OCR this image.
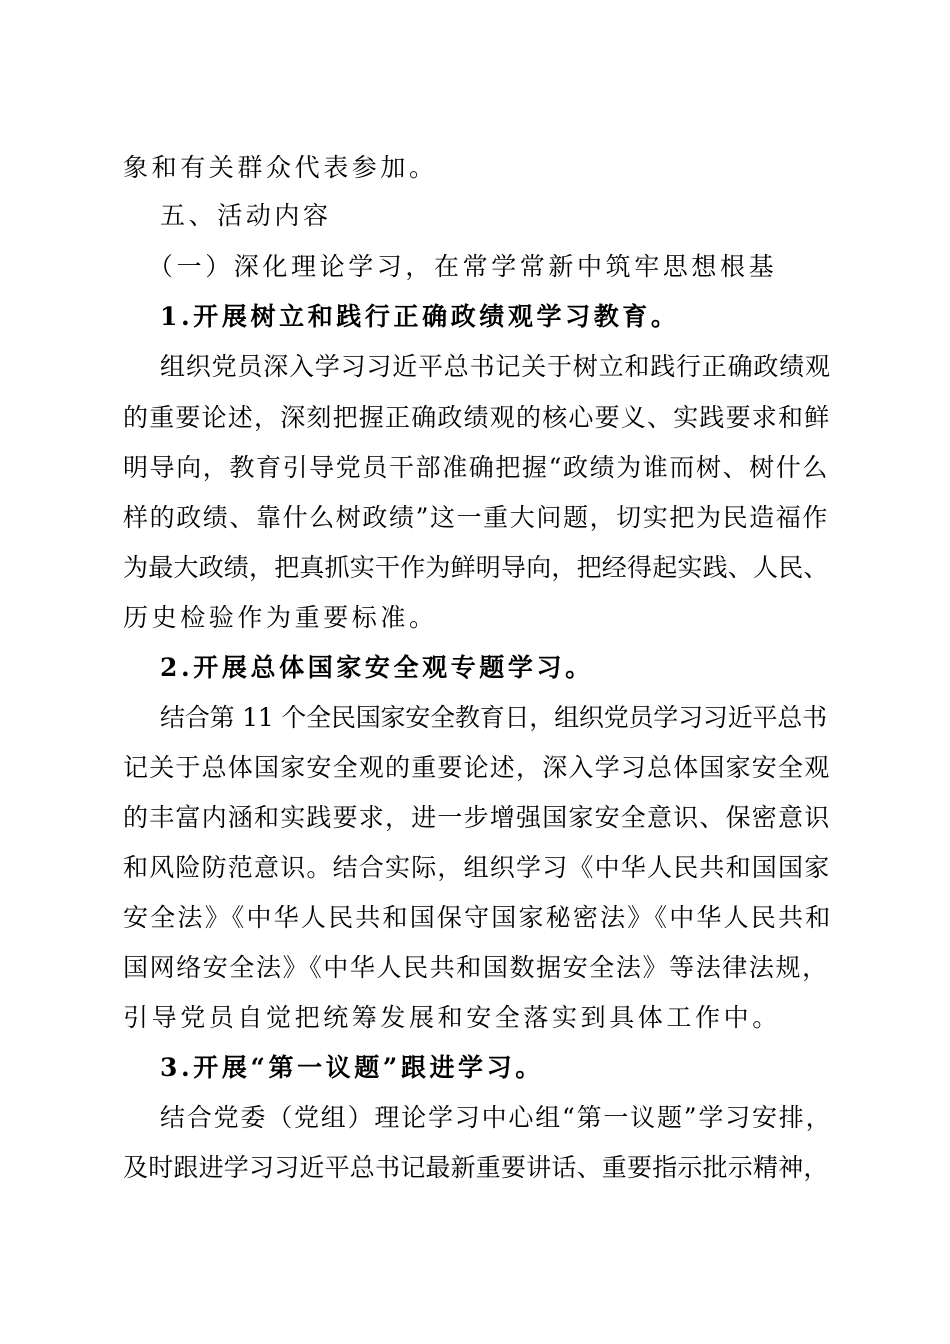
象和有关群众代表参加。
五、活动内容
（一）深化理论学习，在常学常新中筑牢思想根基
1.开展树立和践行正确政绩观学习教育。
组织党员深入学习习近平总书记关于树立和践行正确政绩观
的重要论述，深刻把握正确政绩观的核心要义、实践要求和鲜
明导向，教育引导党员干部准确把握“政绩为谁而树、树什么
样的政绩、靠什么树政绩”这一重大问题，切实把为民造福作
为最大政绩，把真抓实干作为鲜明导向，把经得起实践、人民、
历史检验作为重要标准。
2.开展总体国家安全观专题学习。
结合第 11 个全民国家安全教育日，组织党员学习习近平总书
记关于总体国家安全观的重要论述，深入学习总体国家安全观
的丰富内涵和实践要求，进一步增强国家安全意识、保密意识
和风险防范意识。结合实际，组织学习《中华人民共和国国家
安全法》《中华人民共和国保守国家秘密法》《中华人民共和
国网络安全法》《中华人民共和国数据安全法》等法律法规，
引导党员自觉把统筹发展和安全落实到具体工作中。
3.开展“第一议题”跟进学习。
结合党委（党组）理论学习中心组“第一议题”学习安排，
及时跟进学习习近平总书记最新重要讲话、重要指示批示精神，
